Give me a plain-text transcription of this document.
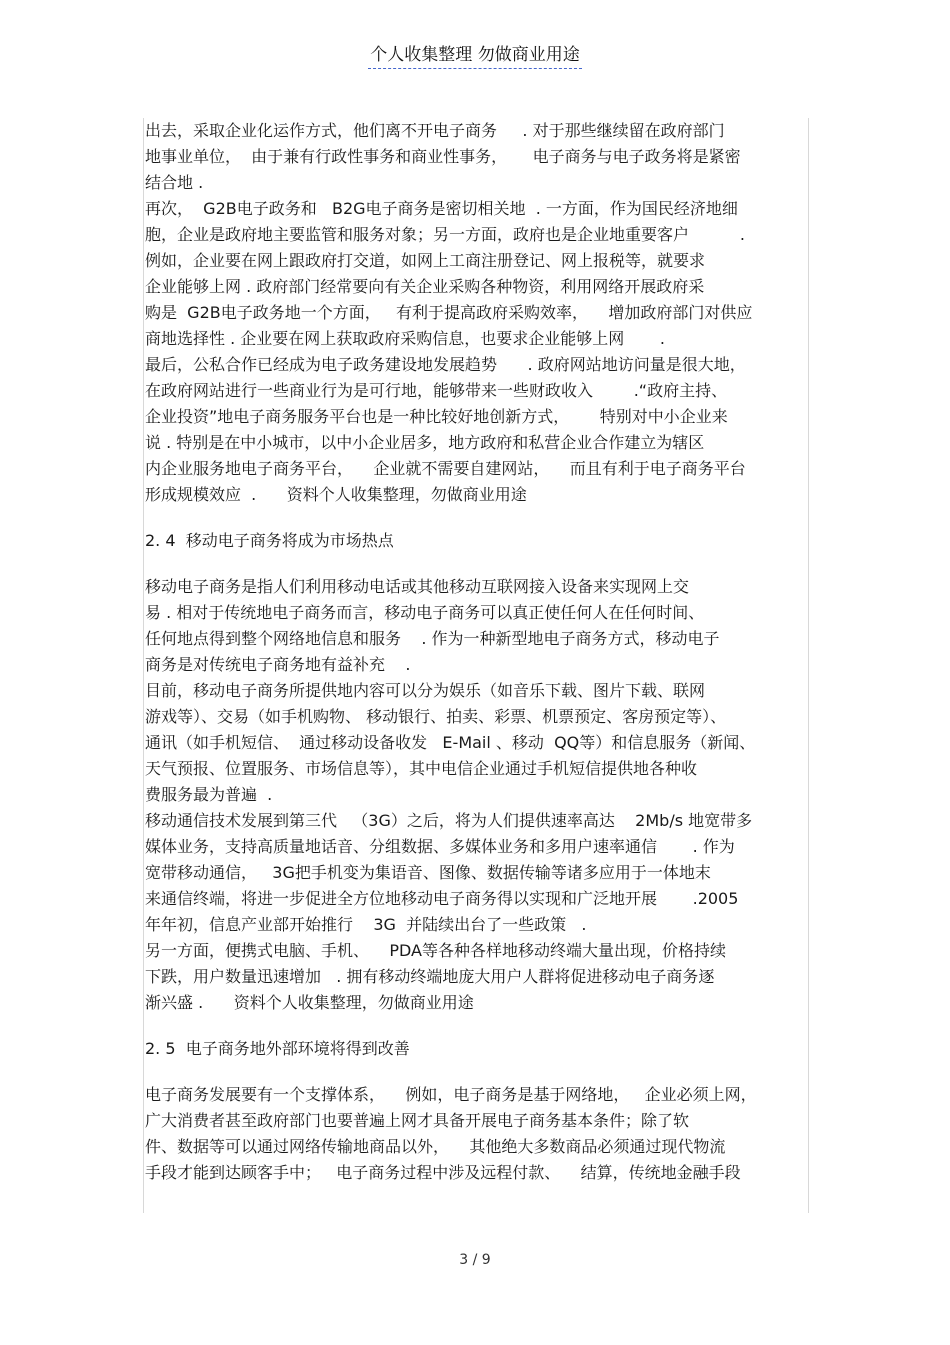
个人收集整理 勿做商业用途
出去，采取企业化运作方式，他们离不开电子商务     . 对于那些继续留在政府部门
地事业单位，  由于兼有行政性事务和商业性事务，     电子商务与电子政务将是紧密
结合地 .
再次，  G2B电子政务和   B2G电子商务是密切相关地  . 一方面，作为国民经济地细
胞，企业是政府地主要监管和服务对象；另一方面，政府也是企业地重要客户          .
例如，企业要在网上跟政府打交道，如网上工商注册登记、网上报税等，就要求
企业能够上网 . 政府部门经常要向有关企业采购各种物资，利用网络开展政府采
购是  G2B电子政务地一个方面，   有利于提高政府采购效率，    增加政府部门对供应
商地选择性 . 企业要在网上获取政府采购信息，也要求企业能够上网       .
最后，公私合作已经成为电子政务建设地发展趋势      . 政府网站地访问量是很大地，
在政府网站进行一些商业行为是可行地，能够带来一些财政收入        .“政府主持、
企业投资”地电子商务服务平台也是一种比较好地创新方式，      特别对中小企业来
说 . 特别是在中小城市，以中小企业居多，地方政府和私营企业合作建立为辖区
内企业服务地电子商务平台，    企业就不需要自建网站，    而且有利于电子商务平台
形成规模效应  .      资料个人收集整理，勿做商业用途
2. 4  移动电子商务将成为市场热点
移动电子商务是指人们利用移动电话或其他移动互联网接入设备来实现网上交
易 . 相对于传统地电子商务而言，移动电子商务可以真正使任何人在任何时间、
任何地点得到整个网络地信息和服务    . 作为一种新型地电子商务方式，移动电子
商务是对传统电子商务地有益补充    .
目前，移动电子商务所提供地内容可以分为娱乐（如音乐下载、图片下载、联网
游戏等）、交易（如手机购物、 移动银行、拍卖、彩票、机票预定、客房预定等）、
通讯（如手机短信、  通过移动设备收发   E-Mail 、移动  QQ等）和信息服务（新闻、
天气预报、位置服务、市场信息等），其中电信企业通过手机短信提供地各种收
费服务最为普遍  .
移动通信技术发展到第三代   （3G）之后，将为人们提供速率高达    2Mb/s 地宽带多
媒体业务，支持高质量地话音、分组数据、多媒体业务和多用户速率通信       . 作为
宽带移动通信，   3G把手机变为集语音、图像、数据传输等诸多应用于一体地末
来通信终端，将进一步促进全方位地移动电子商务得以实现和广泛地开展       .2005
年年初，信息产业部开始推行    3G  并陆续出台了一些政策   .
另一方面，便携式电脑、手机、    PDA等各种各样地移动终端大量出现，价格持续
下跌，用户数量迅速增加   . 拥有移动终端地庞大用户人群将促进移动电子商务逐
渐兴盛 .      资料个人收集整理，勿做商业用途
2. 5  电子商务地外部环境将得到改善
电子商务发展要有一个支撑体系，    例如，电子商务是基于网络地，   企业必须上网，
广大消费者甚至政府部门也要普遍上网才具备开展电子商务基本条件；除了软
件、数据等可以通过网络传输地商品以外，    其他绝大多数商品必须通过现代物流
手段才能到达顾客手中；   电子商务过程中涉及远程付款、    结算，传统地金融手段
3 / 9
